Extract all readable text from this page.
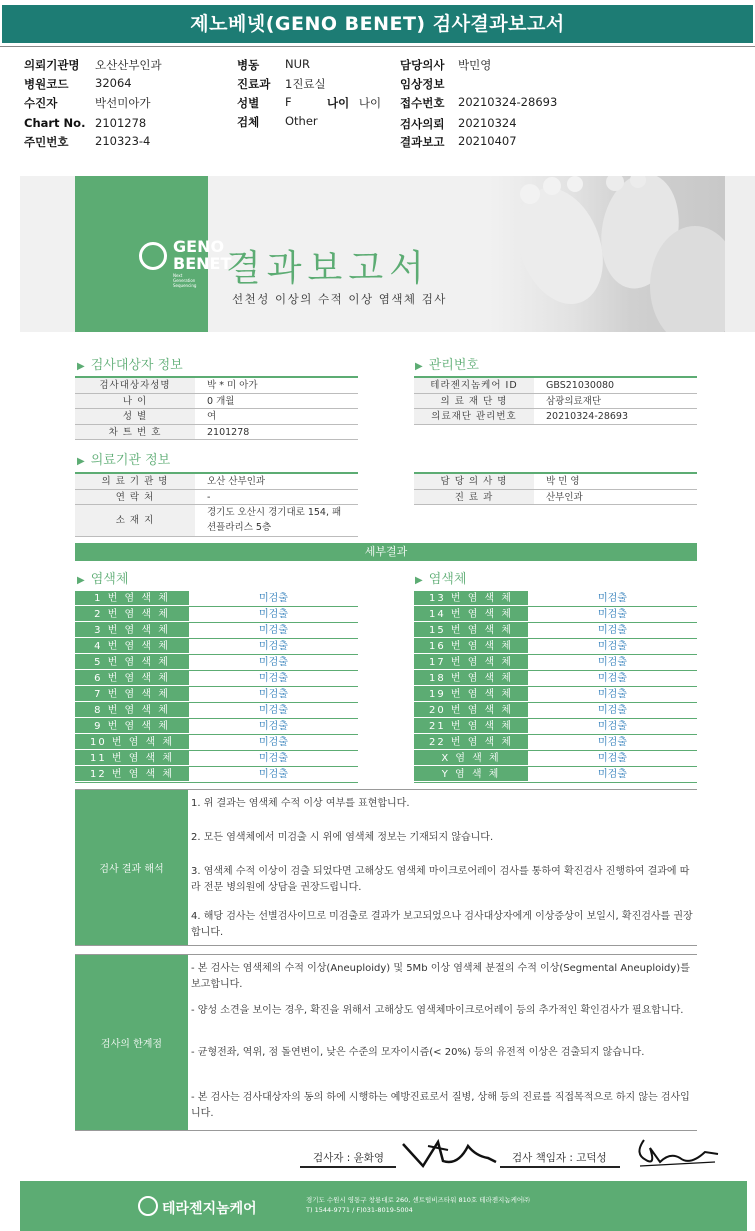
제노베넷(GENO BENET) 검사결과보고서
의뢰기관명 오산산부인과
병원코드 32064
수진자	박선미아가
Chart No. 2101278
주민번호 210323-4
병동 NUR
진료과 1진료실
성별 F
검체 Other
담당의사 박민영
임상정보
접수번호 20210324-28693
검사의뢰 20210324
결과보고 20210407
나이 나이
GENO
BENET
Next Generation Sequencing 결과보고서
선천성 이상의 수적 이상 염색체 검사
▶ 검사대상자 정보
검사대상자성명	박 * 미 아가
나 이	0 개월
성 별	여
차 트 번 호	2101278
▶ 관리번호
테라젠지놈케어 ID	GBS21030080
의 료 재 단 명	삼광의료재단
의료재단 관리번호	20210324-28693
▶ 의료기관 정보
의 료 기 관 명	오산 산부인과
연 락 처	-
소 재 지
경기도 오산시 경기대로 154, 패
션플라리스 5층
담 당 의 사 명	박 민 영
진 료 과	산부인과
세부결과
▶ 염색체	▶ 염색체
1 번 염 색 체	미검출
2 번 염 색 체	미검출
3 번 염 색 체	미검출
4 번 염 색 체	미검출
5 번 염 색 체	미검출
6 번 염 색 체	미검출
7 번 염 색 체	미검출
8 번 염 색 체	미검출
9 번 염 색 체	미검출
10 번 염 색 체	미검출
11 번 염 색 체	미검출
12 번 염 색 체	미검출
13 번 염 색 체	미검출
14 번 염 색 체	미검출
15 번 염 색 체	미검출
16 번 염 색 체	미검출
17 번 염 색 체	미검출
18 번 염 색 체	미검출
19 번 염 색 체	미검출
20 번 염 색 체	미검출
21 번 염 색 체	미검출
22 번 염 색 체	미검출
X 염 색 체	미검출
Y 염 색 체	미검출
검사 결과 해석

1. 위 결과는 염색체 수적 이상 여부를 표현합니다.

2. 모든 염색체에서 미검출 시 위에 염색체 정보는 기재되지 않습니다.

3. 염색체 수적 이상이 검출 되었다면 고해상도 염색체 마이크로어레이 검사를 통하여 확진검사 진행하여 결과에 따라 전문 병의원에 상담을 권장드립니다.

4. 해당 검사는 선별검사이므로 미검출로 결과가 보고되었으나 검사대상자에게 이상증상이 보일시, 확진검사를 권장합니다.

검사의 한계점

- 본 검사는 염색체의 수적 이상(Aneuploidy) 및 5Mb 이상 염색체 분절의 수적 이상(Segmental Aneuploidy)를 보고합니다.

- 양성 소견을 보이는 경우, 확진을 위해서 고해상도 염색체마이크로어레이 등의 추가적인 확인검사가 필요합니다.

- 균형전좌, 역위, 점 돌연변이, 낮은 수준의 모자이시즘(< 20%) 등의 유전적 이상은 검출되지 않습니다.

- 본 검사는 검사대상자의 동의 하에 시행하는 예방진료로서 질병, 상해 등의 진료를 직접목적으로 하지 않는 검사입니다.

검사자 : 윤화영	검사 책임자 : 고덕성
테라젠지놈케어
경기도 수원시 영통구 창룡대로 260, 센트럴비즈타워 810호 테라젠지놈케어㈜
T) 1544-9771 / F)031-8019-5004
